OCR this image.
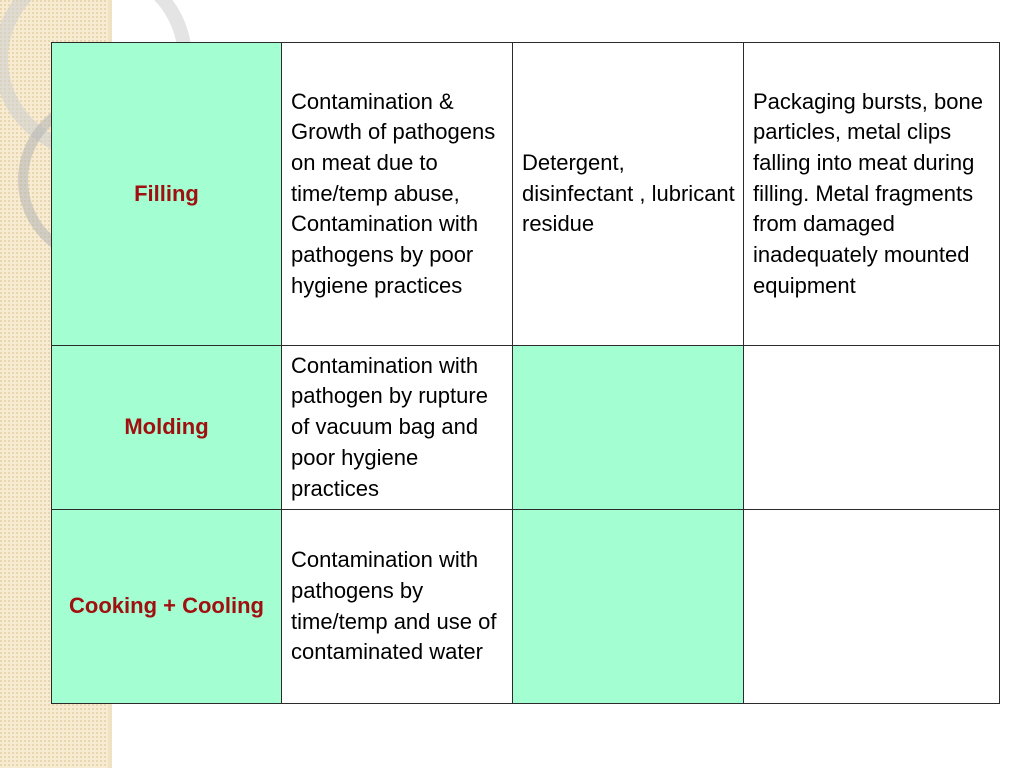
Filling	Contamination & Growth of pathogens on meat due to time/temp abuse, Contamination with pathogens by poor hygiene practices	Detergent, disinfectant , lubricant residue	Packaging bursts, bone particles, metal clips falling into meat during filling. Metal fragments from damaged inadequately mounted equipment
Molding	Contamination with pathogen by rupture of vacuum bag and poor hygiene practices		
Cooking + Cooling	Contamination with pathogens by time/temp and use of contaminated water		
